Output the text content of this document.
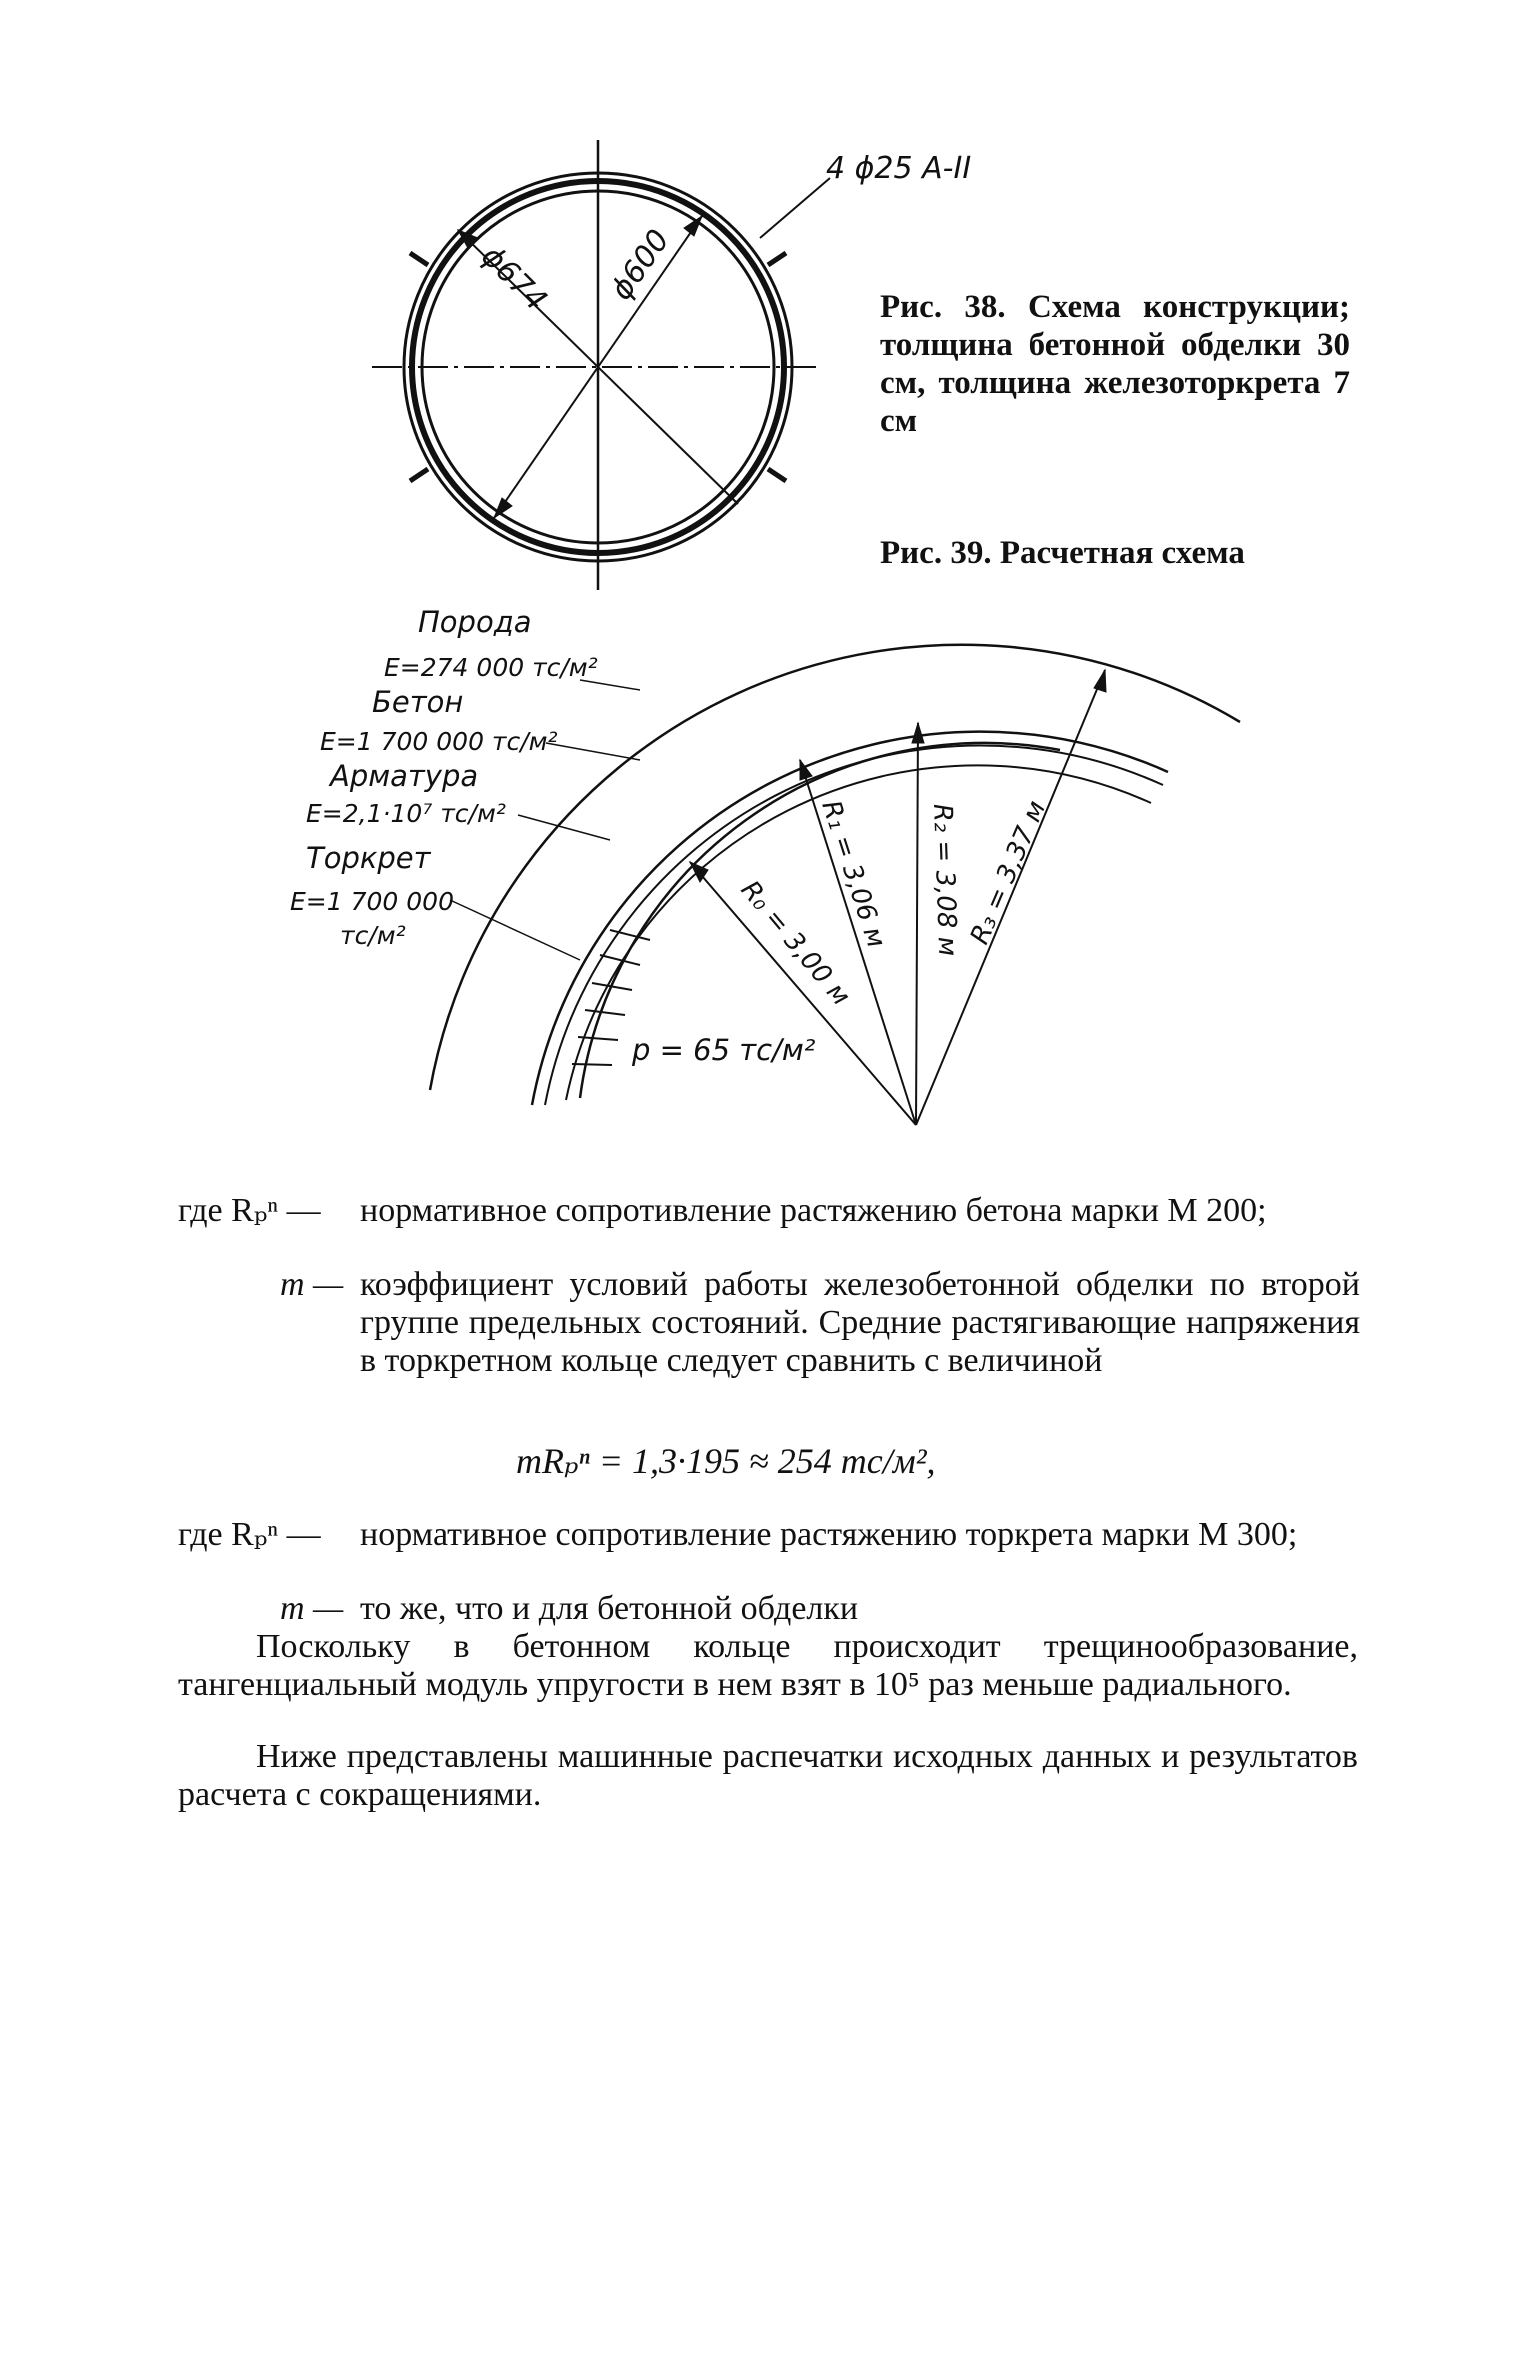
4 ϕ25 A-II
ϕ674 ϕ600
Рис. 38. Схема конструкции; толщина бетонной обделки 30 см, толщина железоторкрета 7 см
Рис. 39. Расчетная схема
Порода
E=274 000 тс/м²
Бетон
E=1 700 000 тс/м²
Арматура
E=2,1·10⁷ тс/м²
Торкрет
E=1 700 000
тс/м²	R₀ = 3,00 м
R₁ = 3,06 м R₂ = 3,08 м R₃ = 3,37 м
p = 65 тс/м²
где Rₚⁿ — нормативное сопротивление растяжению бетона марки М 200;
m — коэффициент условий работы железобетонной обделки по второй группе предельных состояний. Средние растягивающие напряжения в торкретном кольце следует сравнить с величиной
mRₚⁿ = 1,3·195 ≈ 254 тс/м²,
где Rₚⁿ — нормативное сопротивление растяжению торкрета марки М 300;
m — то же, что и для бетонной обделки
Поскольку в бетонном кольце происходит трещинообразование, тангенциальный модуль упругости в нем взят в 10⁵ раз меньше радиального.
Ниже представлены машинные распечатки исходных данных и результатов расчета с сокращениями.
